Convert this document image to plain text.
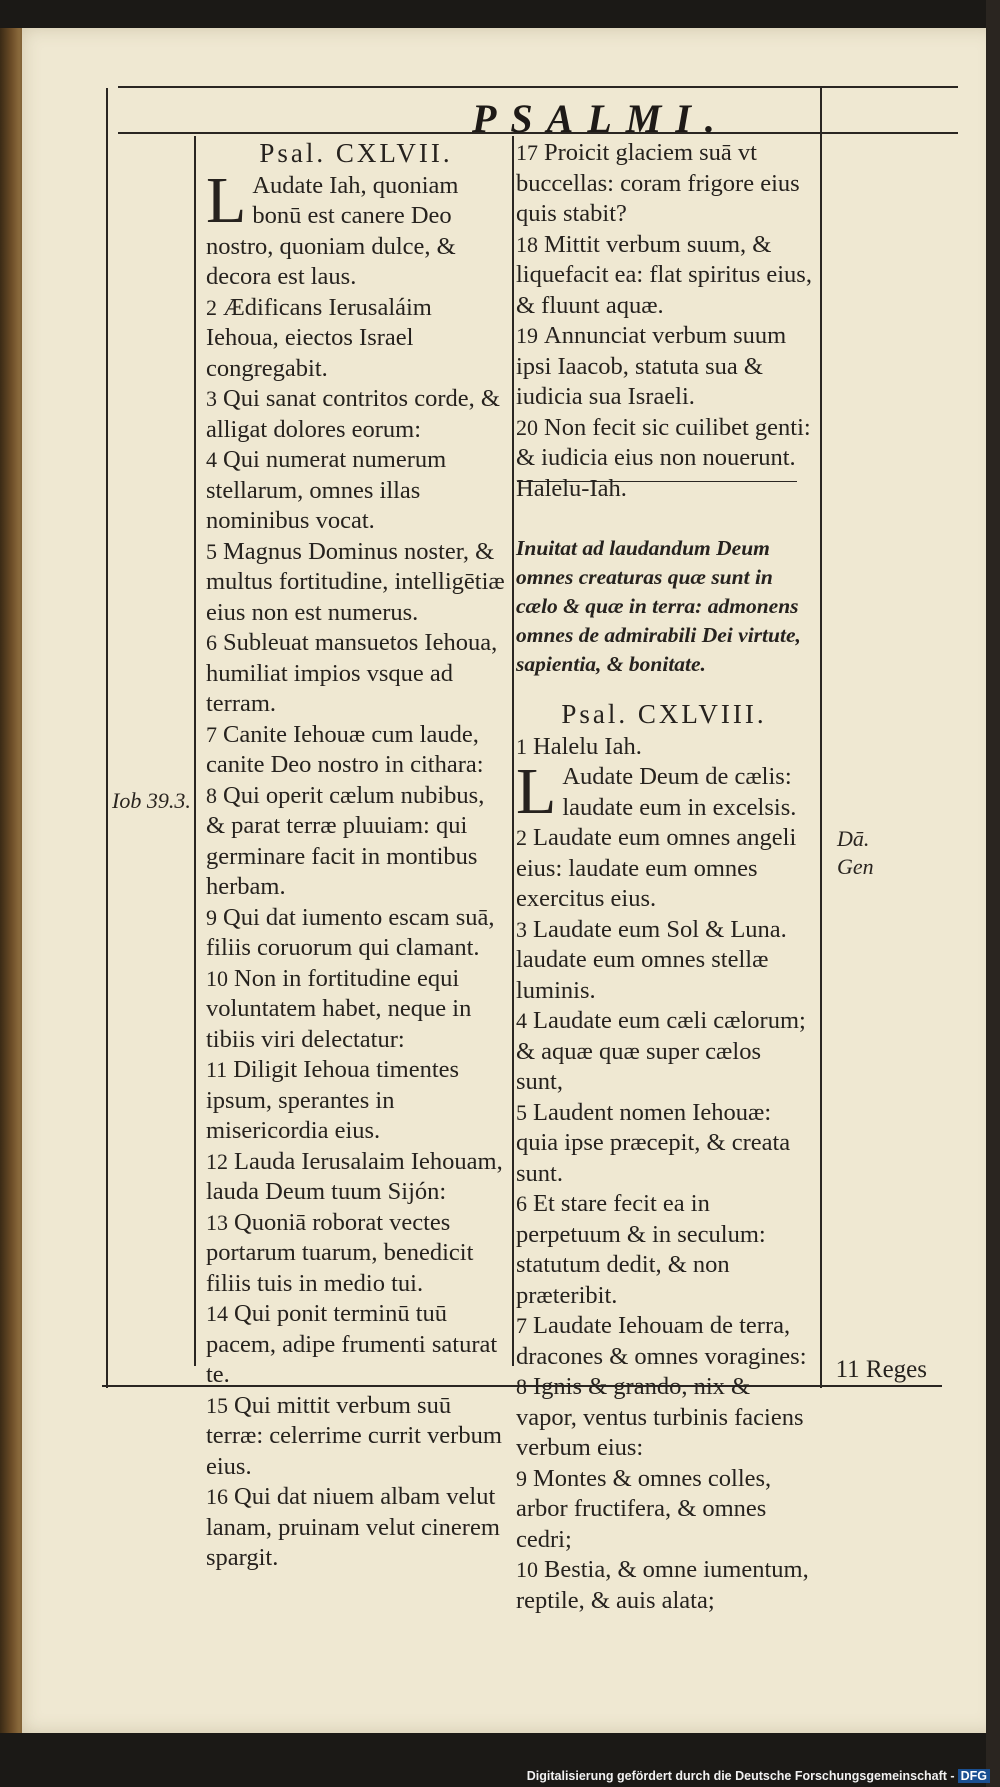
PSALMI.

Psal. CXLVII.

L Audate Iah, quoniam bonū est canere Deo nostro, quoniam dulce, & decora est laus.

2 Ædificans Ierusaláim Iehoua, eiectos Israel congregabit.

3 Qui sanat contritos corde, & alligat dolores eorum:

4 Qui numerat numerum stellarum, omnes illas nominibus vocat.

5 Magnus Dominus noster, & multus fortitudine, intelligētiæ eius non est numerus.

6 Subleuat mansuetos Iehoua, humiliat impios vsque ad terram.

7 Canite Iehouæ cum laude, canite Deo nostro in cithara:

8 Qui operit cælum nubibus, & parat terræ pluuiam: qui germinare facit in montibus herbam.

9 Qui dat iumento escam suā, filiis coruorum qui clamant.

10 Non in fortitudine equi voluntatem habet, neque in tibiis viri delectatur:

11 Diligit Iehoua timentes ipsum, sperantes in misericordia eius.

12 Lauda Ierusalaim Iehouam, lauda Deum tuum Sijón:

13 Quoniā roborat vectes portarum tuarum, benedicit filiis tuis in medio tui.

14 Qui ponit terminū tuū pacem, adipe frumenti saturat te.

15 Qui mittit verbum suū terræ: celerrime currit verbum eius.

16 Qui dat niuem albam velut lanam, pruinam velut cinerem spargit.

17 Proicit glaciem suā vt buccellas: coram frigore eius quis stabit?

18 Mittit verbum suum, & liquefacit ea: flat spiritus eius, & fluunt aquæ.

19 Annunciat verbum suum ipsi Iaacob, statuta sua & iudicia sua Israeli.

20 Non fecit sic cuilibet genti: & iudicia eius non nouerunt. Halelu-Iah.

Inuitat ad laudandum Deum omnes creaturas quæ sunt in cælo & quæ in terra: admonens omnes de admirabili Dei virtute, sapientia, & bonitate.

Psal. CXLVIII.

1 Halelu Iah.

L Audate Deum de cælis: laudate eum in excelsis.

2 Laudate eum omnes angeli eius: laudate eum omnes exercitus eius.

3 Laudate eum Sol & Luna. laudate eum omnes stellæ luminis.

4 Laudate eum cæli cælorum; & aquæ quæ super cælos sunt,

5 Laudent nomen Iehouæ: quia ipse præcepit, & creata sunt.

6 Et stare fecit ea in perpetuum & in seculum: statutum dedit, & non præteribit.

7 Laudate Iehouam de terra, dracones & omnes voragines:

8 Ignis & grando, nix & vapor, ventus turbinis faciens verbum eius:

9 Montes & omnes colles, arbor fructifera, & omnes cedri;

10 Bestia, & omne iumentum, reptile, & auis alata;

Iob 39.3.
Dā.
Gen
11 Reges
Digitalisierung gefördert durch die Deutsche Forschungsgemeinschaft - DFG
